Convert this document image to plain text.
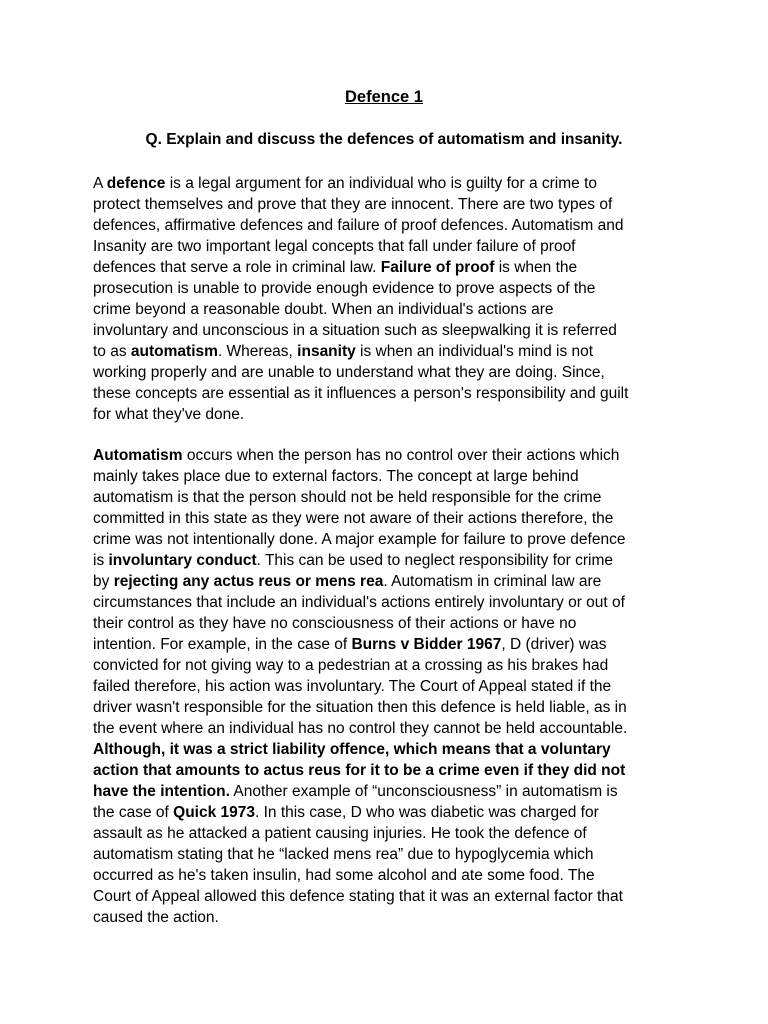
Defence 1
Q. Explain and discuss the defences of automatism and insanity.
A defence is a legal argument for an individual who is guilty for a crime to
protect themselves and prove that they are innocent. There are two types of
defences, affirmative defences and failure of proof defences. Automatism and
Insanity are two important legal concepts that fall under failure of proof
defences that serve a role in criminal law. Failure of proof is when the
prosecution is unable to provide enough evidence to prove aspects of the
crime beyond a reasonable doubt. When an individual's actions are
involuntary and unconscious in a situation such as sleepwalking it is referred
to as automatism. Whereas, insanity is when an individual's mind is not
working properly and are unable to understand what they are doing. Since,
these concepts are essential as it influences a person's responsibility and guilt
for what they've done.
Automatism occurs when the person has no control over their actions which
mainly takes place due to external factors. The concept at large behind
automatism is that the person should not be held responsible for the crime
committed in this state as they were not aware of their actions therefore, the
crime was not intentionally done. A major example for failure to prove defence
is involuntary conduct. This can be used to neglect responsibility for crime
by rejecting any actus reus or mens rea. Automatism in criminal law are
circumstances that include an individual's actions entirely involuntary or out of
their control as they have no consciousness of their actions or have no
intention. For example, in the case of Burns v Bidder 1967, D (driver) was
convicted for not giving way to a pedestrian at a crossing as his brakes had
failed therefore, his action was involuntary. The Court of Appeal stated if the
driver wasn't responsible for the situation then this defence is held liable, as in
the event where an individual has no control they cannot be held accountable.
Although, it was a strict liability offence, which means that a voluntary
action that amounts to actus reus for it to be a crime even if they did not
have the intention. Another example of “unconsciousness” in automatism is
the case of Quick 1973. In this case, D who was diabetic was charged for
assault as he attacked a patient causing injuries. He took the defence of
automatism stating that he “lacked mens rea” due to hypoglycemia which
occurred as he's taken insulin, had some alcohol and ate some food. The
Court of Appeal allowed this defence stating that it was an external factor that
caused the action.
